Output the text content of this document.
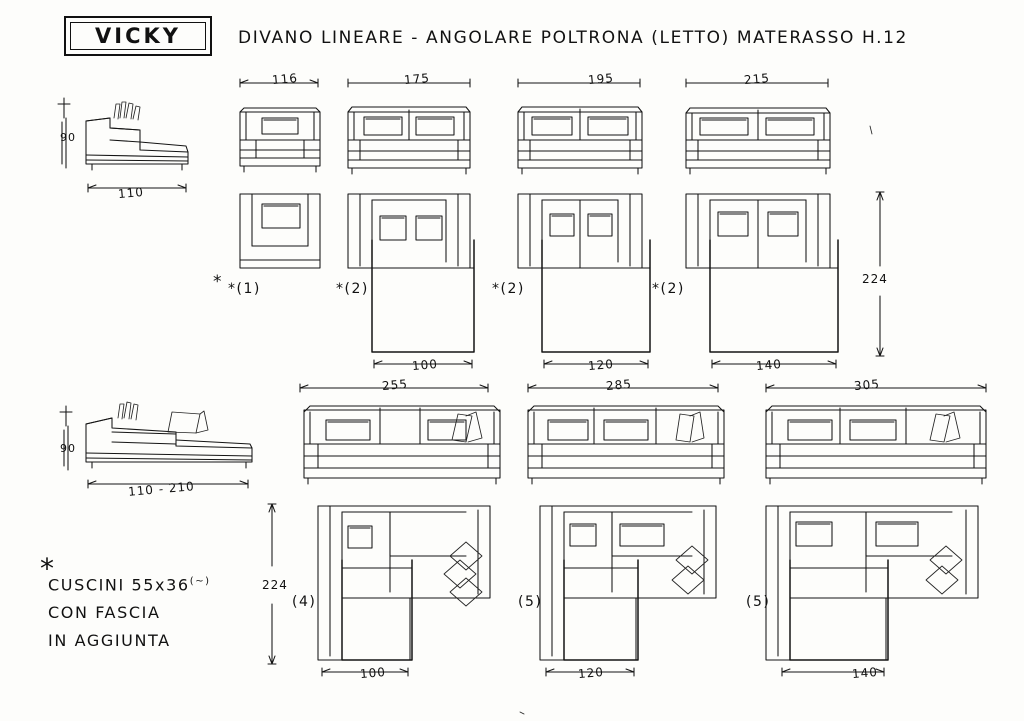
VICKY	DIVANO LINEARE - ANGOLARE POLTRONA (LETTO) MATERASSO H.12
116	175	195	215
90
110
* *(1)	*(2)	*(2)	*(2)
100	120	140
224
255	285	305
90
110 - 210
(4)	(5)	(5)
224
100	120	140
*
CUSCINI 55x36(~)
CON FASCIA
IN AGGIUNTA
